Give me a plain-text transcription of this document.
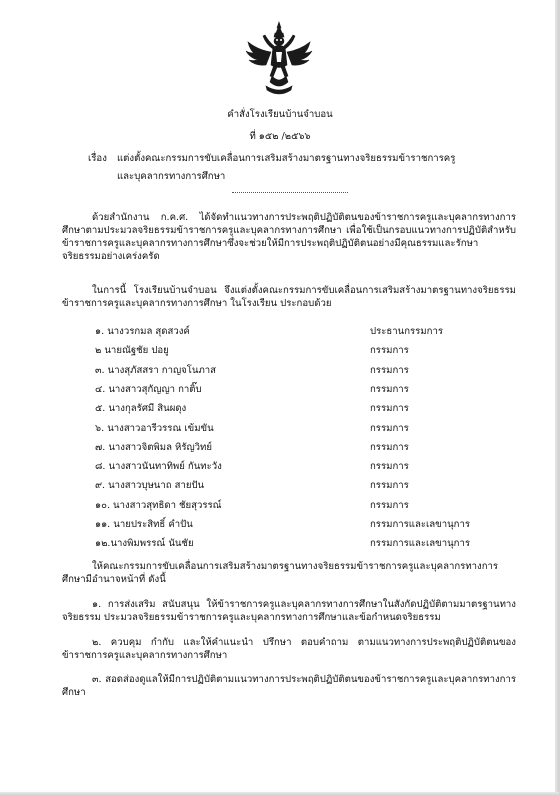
คำสั่งโรงเรียนบ้านจำบอน
ที่ ๑๕๒ /๒๕๖๖
เรื่อง แต่งตั้งคณะกรรมการขับเคลื่อนการเสริมสร้างมาตรฐานทางจริยธรรมข้าราชการครู
และบุคลากรทางการศึกษา
ด้วยสำนักงาน ก.ค.ศ. ได้จัดทำแนวทางการประพฤติปฏิบัติตนของข้าราชการครูและบุคลากรทางการศึกษาตามประมวลจริยธรรมข้าราชการครูและบุคลากรทางการศึกษา เพื่อใช้เป็นกรอบแนวทางการปฏิบัติสำหรับข้าราชการครูและบุคลากรทางการศึกษาซึ่งจะช่วยให้มีการประพฤติปฏิบัติตนอย่างมีคุณธรรมและรักษาจริยธรรมอย่างเคร่งครัด
ในการนี้ โรงเรียนบ้านจำบอน จึงแต่งตั้งคณะกรรมการขับเคลื่อนการเสริมสร้างมาตรฐานทางจริยธรรมข้าราชการครูและบุคลากรทางการศึกษา ในโรงเรียน ประกอบด้วย
๑. นางวรกมล สุดสวงค์	ประธานกรรมการ
๒ นายณัฐชัย ปอยู	กรรมการ
๓. นางสุภัสสรา กาญจโนภาส	กรรมการ
๔. นางสาวสุกัญญา กาติ๊บ	กรรมการ
๕. นางกุลรัศมี สินผดุง	กรรมการ
๖. นางสาวอารีวรรณ เข้มขัน	กรรมการ
๗. นางสาวจิตพิมล หิรัญวิทย์	กรรมการ
๘. นางสาวนันทาทิพย์ กันทะวัง	กรรมการ
๙. นางสาวบุษนาถ สายปัน	กรรมการ
๑๐. นางสาวสุทธิดา ชัยสุวรรณ์	กรรมการ
๑๑. นายประสิทธิ์ คำปัน	กรรมการและเลขานุการ
๑๒.นางพิมพรรณ์ นันชัย	กรรมการและเลขานุการ
ให้คณะกรรมการขับเคลื่อนการเสริมสร้างมาตรฐานทางจริยธรรมข้าราชการครูและบุคลากรทางการศึกษามีอำนาจหน้าที่ ดังนี้
๑. การส่งเสริม สนับสนุน ให้ข้าราชการครูและบุคลากรทางการศึกษาในสังกัดปฏิบัติตามมาตรฐานทางจริยธรรม ประมวลจริยธรรมข้าราชการครูและบุคลากรทางการศึกษาและข้อกำหนดจริยธรรม
๒. ควบคุม กำกับ และให้คำแนะนำ ปรึกษา ตอบคำถาม ตามแนวทางการประพฤติปฏิบัติตนของข้าราชการครูและบุคลากรทางการศึกษา
๓. สอดส่องดูแลให้มีการปฏิบัติตามแนวทางการประพฤติปฏิบัติตนของข้าราชการครูและบุคลากรทางการศึกษา
